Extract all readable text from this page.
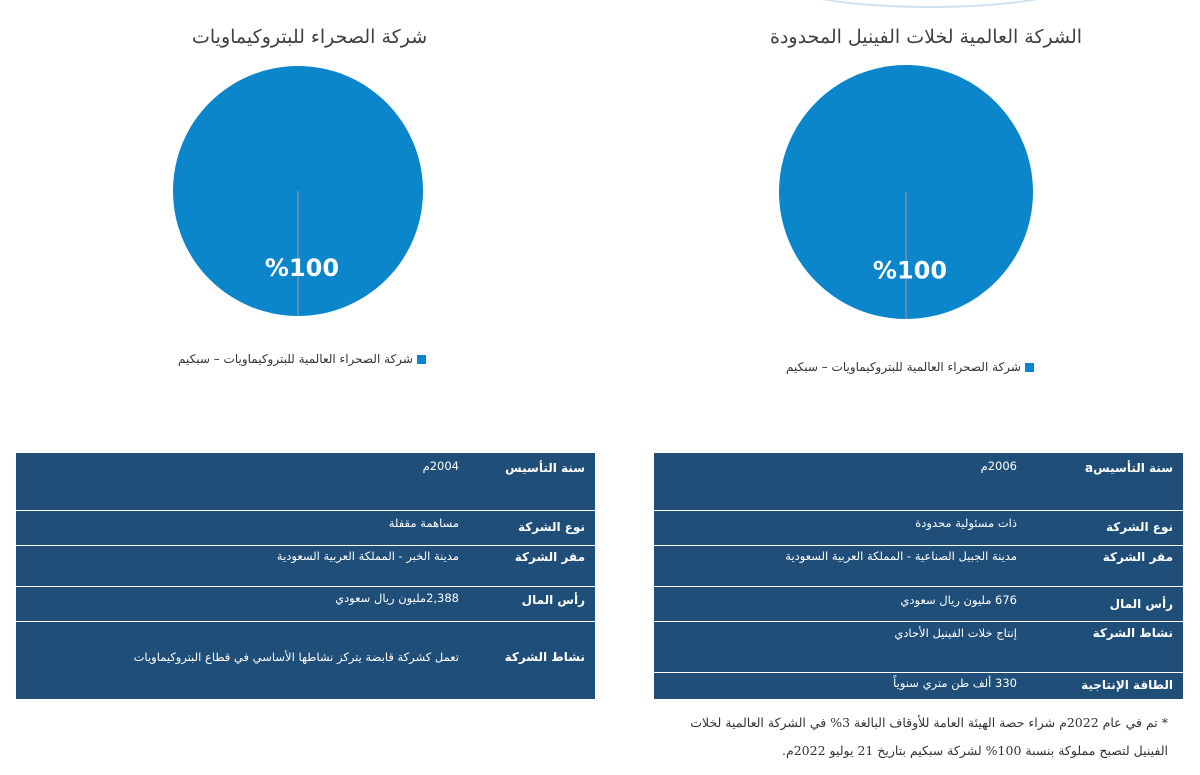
شركة الصحراء للبتروكيماويات
%100
شركة الصحراء العالمية للبتروكيماويات – سبكيم
الشركة العالمية لخلات الفينيل المحدودة
%100
شركة الصحراء العالمية للبتروكيماويات – سبكيم
سنة التأسيس
2004م
نوع الشركة
مساهمة مقفلة
مقر الشركة
مدينة الخبر - المملكة العربية السعودية
رأس المال
2,388مليون ريال سعودي
نشاط الشركة
تعمل كشركة قابضة يتركز نشاطها الأساسي في قطاع البتروكيماويات
سنة التأسيسa
2006م
نوع الشركة
ذات مسئولية محدودة
مقر الشركة
مدينة الجبيل الصناعية - المملكة العربية السعودية
رأس المال
676 مليون ريال سعودي
نشاط الشركة
إنتاج خلات الفينيل الأحادي
الطاقة الإنتاجية
330 ألف طن متري سنوياً
* تم في عام 2022م شراء حصة الهيئة العامة للأوقاف البالغة 3% في الشركة العالمية لخلات
الفينيل لتصبح مملوكة بنسبة 100% لشركة سبكيم بتاريخ 21 يوليو 2022م.
